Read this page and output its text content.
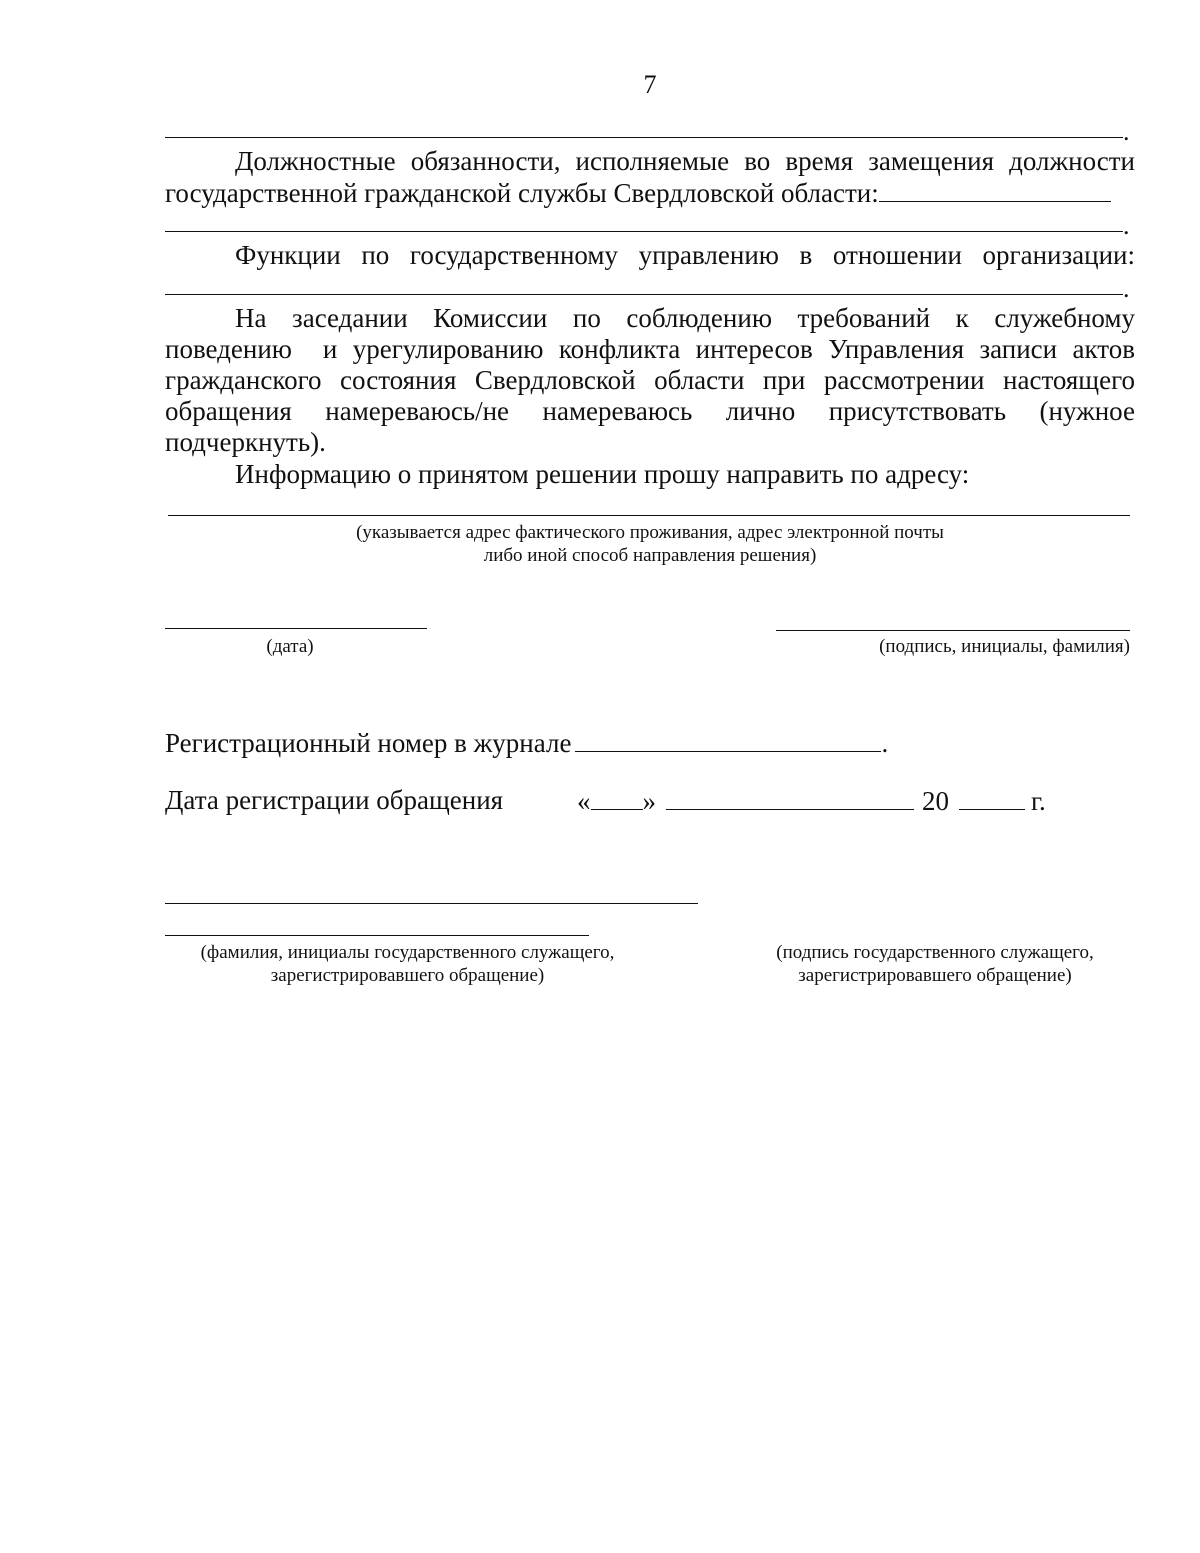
7
.
Должностные обязанности, исполняемые во время замещения должности
государственной гражданской службы Свердловской области:
.
Функции по государственному управлению в отношении организации:
.
На заседании Комиссии по соблюдению требований к служебному
поведению  и урегулированию конфликта интересов Управления записи актов
гражданского состояния Свердловской области при рассмотрении настоящего
обращения намереваюсь/не намереваюсь лично присутствовать (нужное
подчеркнуть).
Информацию о принятом решении прошу направить по адресу:
(указывается адрес фактического проживания, адрес электронной почты
либо иной способ направления решения)
(дата)	(подпись, инициалы, фамилия)
Регистрационный номер в журнале	.
Дата регистрации обращения	« »	20	г.
(фамилия, инициалы государственного служащего,
зарегистрировавшего обращение)
(подпись государственного служащего,
зарегистрировавшего обращение)
